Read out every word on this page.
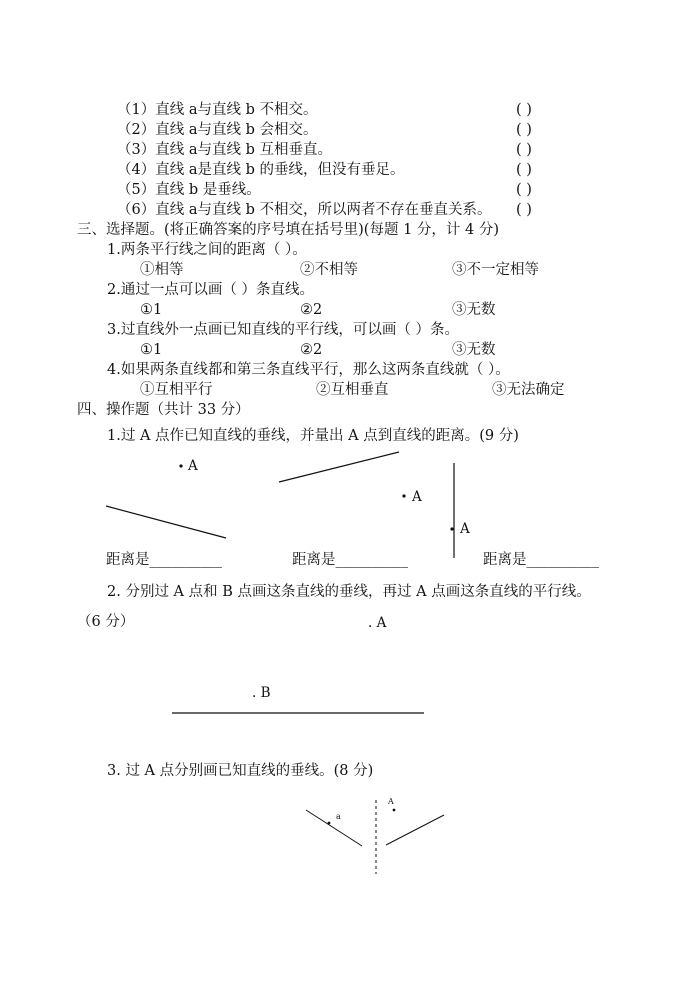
（1）直线 a与直线 b 不相交。	( )
（2）直线 a与直线 b 会相交。	( )
（3）直线 a与直线 b 互相垂直。	( )
（4）直线 a是直线 b 的垂线，但没有垂足。	( )
（5）直线 b 是垂线。	( )
（6）直线 a与直线 b 不相交，所以两者不存在垂直关系。 ( )
三、选择题。(将正确答案的序号填在括号里)(每题 1 分，计 4 分)
1.两条平行线之间的距离（ ）。
①相等	②不相等	③不一定相等
2.通过一点可以画（ ）条直线。
①1	②2	③无数
3.过直线外一点画已知直线的平行线，可以画（ ）条。
①1	②2	③无数
4.如果两条直线都和第三条直线平行，那么这两条直线就（ ）。
①互相平行	②互相垂直	③无法确定
四、操作题（共计 33 分）
1.过 A 点作已知直线的垂线，并量出 A 点到直线的距离。(9 分)
A
A
A
距离是__________	距离是__________	距离是__________
2. 分别过 A 点和 B 点画这条直线的垂线，再过 A 点画这条直线的平行线。
（6 分）	. A
. B
3. 过 A 点分别画已知直线的垂线。(8 分)
a
A
